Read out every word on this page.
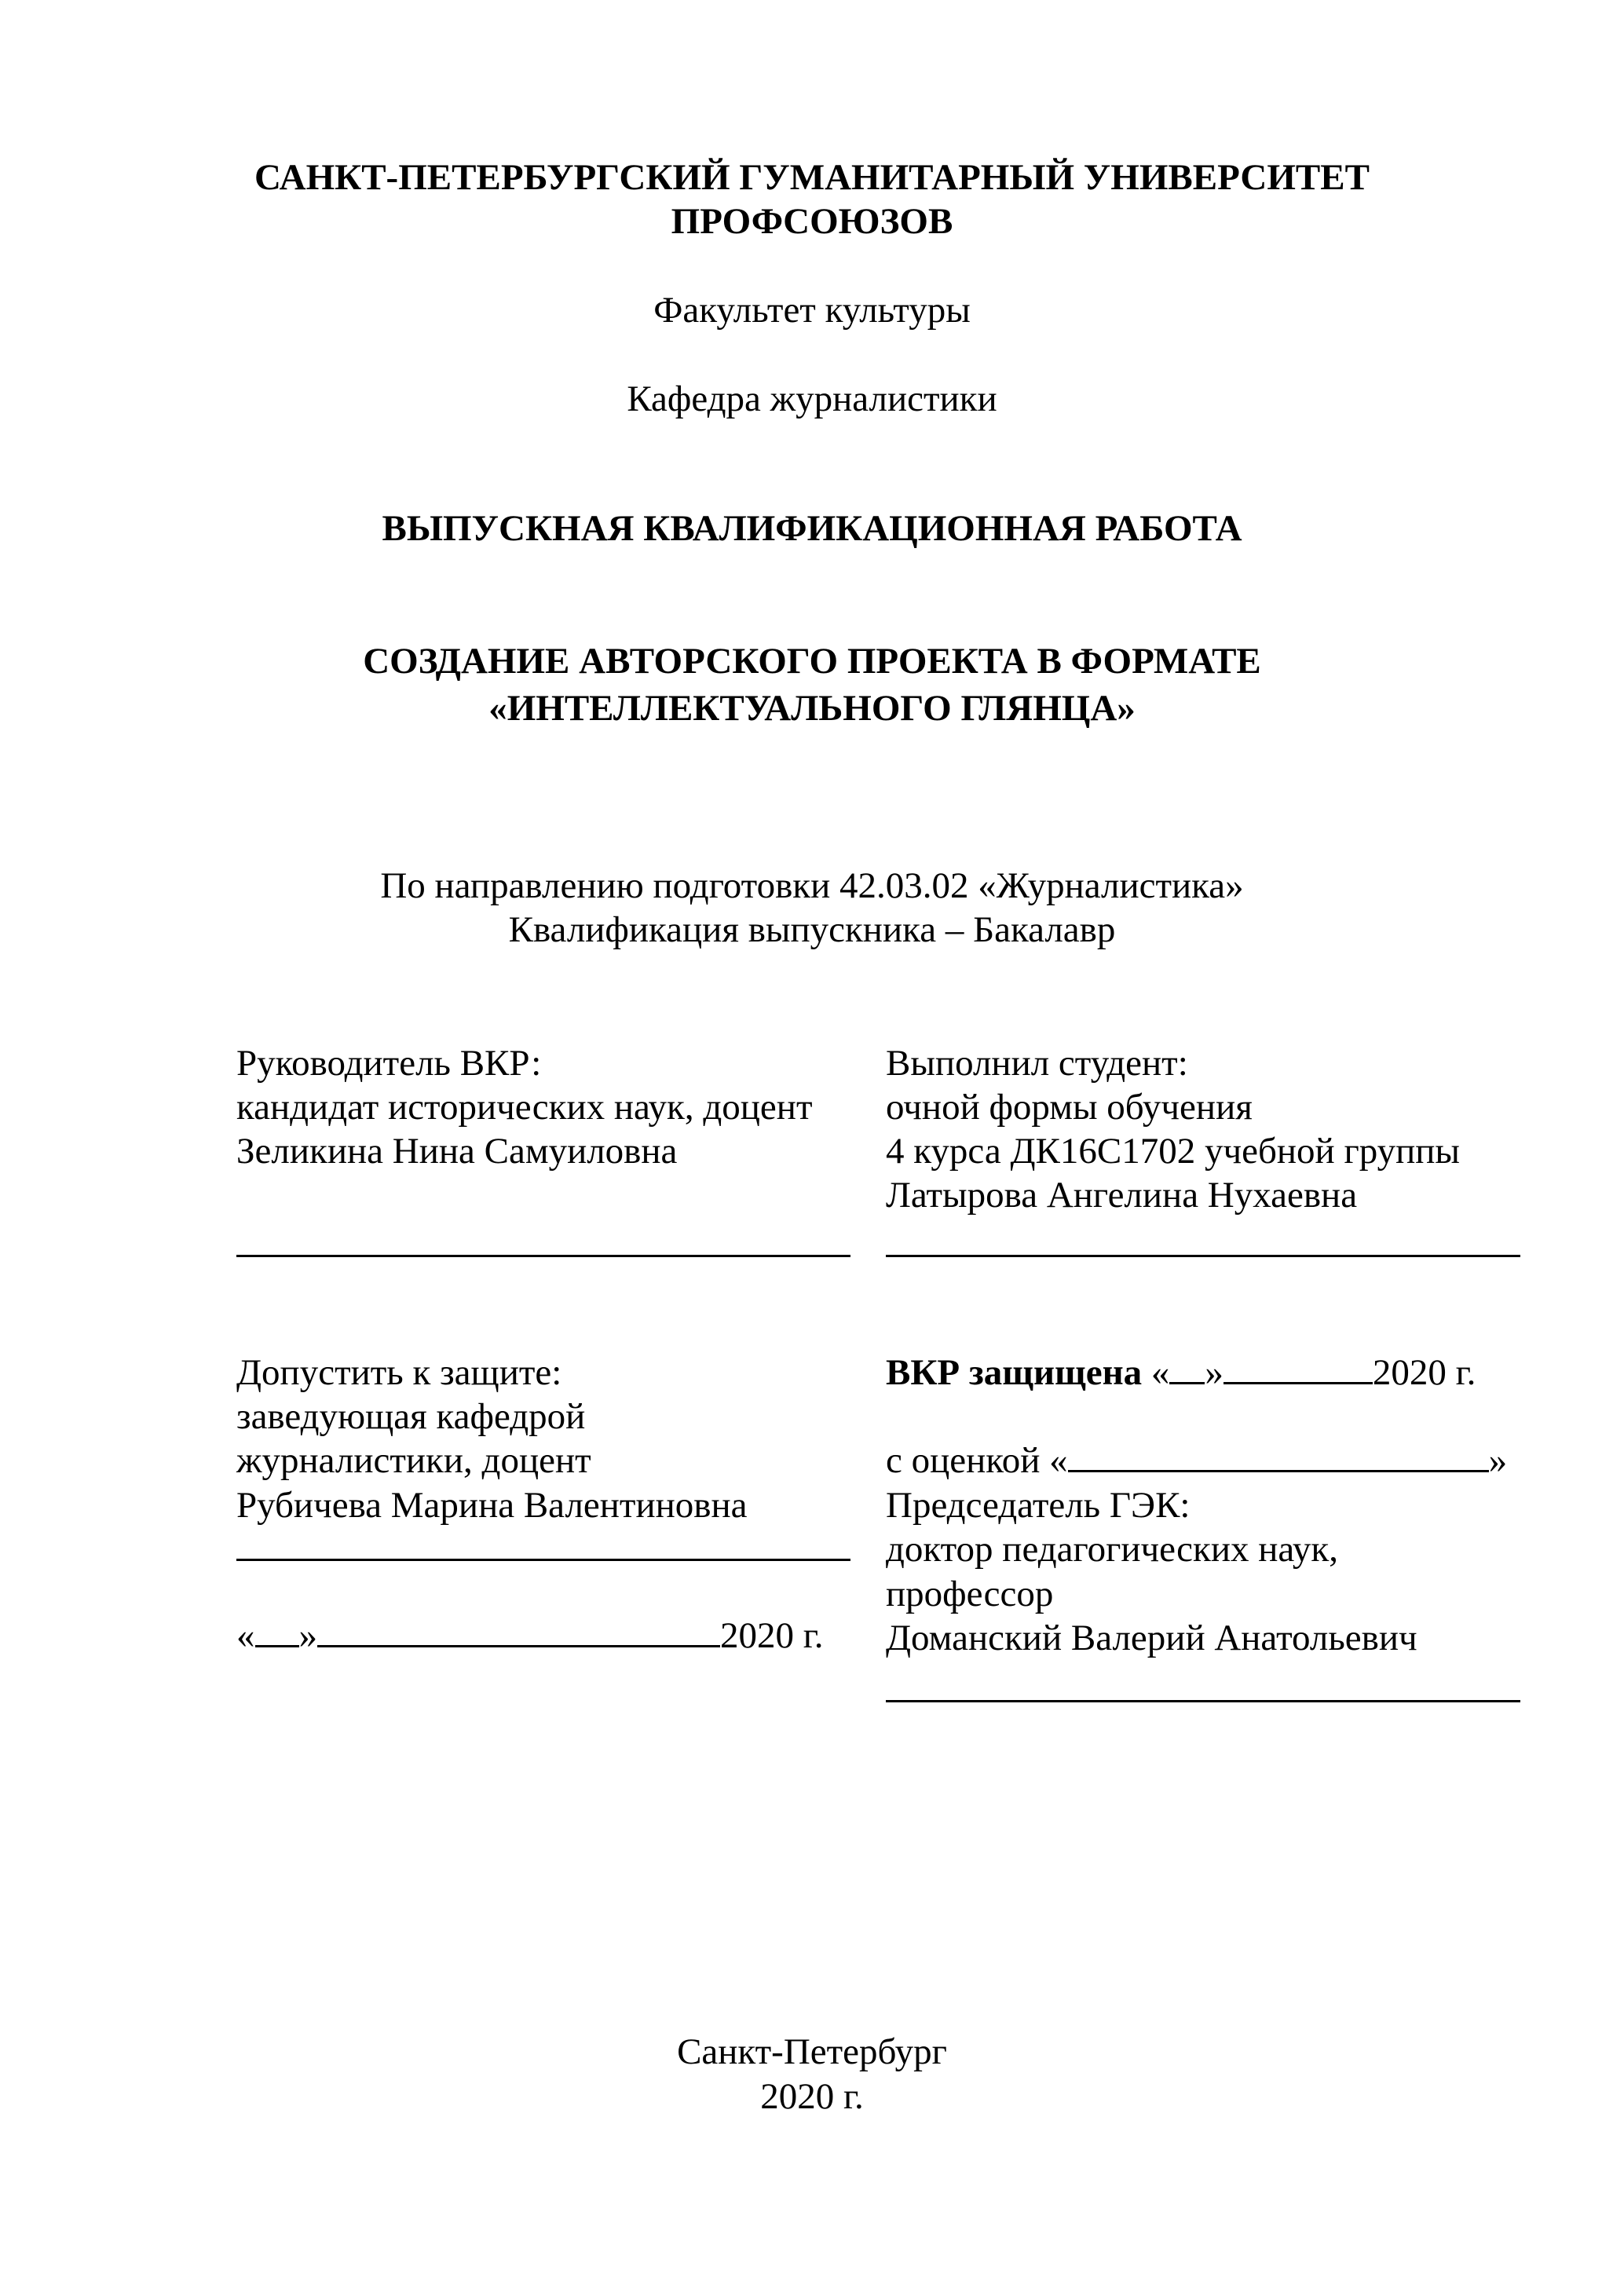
САНКТ-ПЕТЕРБУРГСКИЙ ГУМАНИТАРНЫЙ УНИВЕРСИТЕТ
ПРОФСОЮЗОВ
Факультет культуры
Кафедра журналистики
ВЫПУСКНАЯ КВАЛИФИКАЦИОННАЯ РАБОТА
СОЗДАНИЕ АВТОРСКОГО ПРОЕКТА В ФОРМАТЕ
«ИНТЕЛЛЕКТУАЛЬНОГО ГЛЯНЦА»
По направлению подготовки 42.03.02 «Журналистика»
Квалификация выпускника – Бакалавр
Руководитель ВКР:
кандидат исторических наук, доцент
Зеликина Нина Самуиловна
Выполнил студент:
очной формы обучения
4 курса ДК16С1702 учебной группы
Латырова Ангелина Нухаевна
Допустить к защите:
заведующая кафедрой
журналистики, доцент
Рубичева Марина Валентиновна
« »	2020 г.
ВКР защищена « »	2020 г.
с оценкой «	»
Председатель ГЭК:
доктор педагогических наук,
профессор
Доманский Валерий Анатольевич
Санкт-Петербург
2020 г.
